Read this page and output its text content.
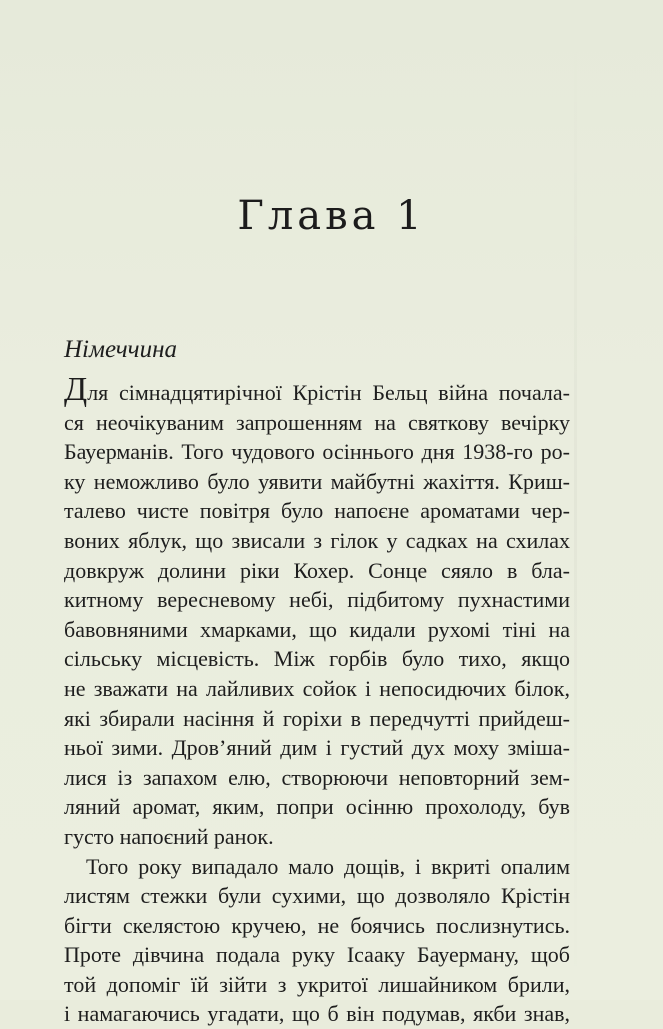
Глава 1
Німеччина

Для сімнадцятирічної Крістін Бельц війна почала-

ся неочікуваним запрошенням на святкову вечірку

Бауерманів. Того чудового осіннього дня 1938-го ро-

ку неможливо було уявити майбутні жахіття. Криш-

талево чисте повітря було напоєне ароматами чер-

воних яблук, що звисали з гілок у садках на схилах

довкруж долини ріки Кохер. Сонце сяяло в бла-

китному вересневому небі, підбитому пухнастими

бавовняними хмарками, що кидали рухомі тіні на

сільську місцевість. Між горбів було тихо, якщо

не зважати на лайливих сойок і непосидючих білок,

які збирали насіння й горіхи в передчутті прийдеш-

ньої зими. Дров’яний дим і густий дух моху зміша-

лися із запахом елю, створюючи неповторний зем-

ляний аромат, яким, попри осінню прохолоду, був

густо напоєний ранок.

Того року випадало мало дощів, і вкриті опалим

листям стежки були сухими, що дозволяло Крістін

бігти скелястою кручею, не боячись послизнутись.

Проте дівчина подала руку Ісааку Бауерману, щоб

той допоміг їй зійти з укритої лишайником брили,

і намагаючись угадати, що б він подумав, якби знав,
